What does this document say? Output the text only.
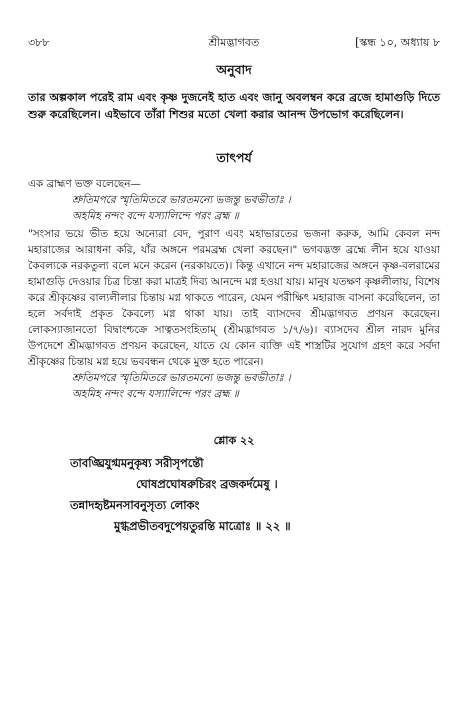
৩৮৮	শ্রীমদ্ভাগবত	[স্কন্ধ ১০, অধ্যায় ৮
অনুবাদ
তার অল্পকাল পরেই রাম এবং কৃষ্ণ দুজনেই হাত এবং জানু অবলম্বন করে ব্রজে হামাগুড়ি দিতে শুরু করেছিলেন। এইভাবে তাঁরা শিশুর মতো খেলা করার আনন্দ উপভোগ করেছিলেন।
তাৎপর্য
এক ব্রাহ্মণ ভক্ত বলেছেন—
শ্রুতিমপরে স্মৃতিমিতরে ভারতমন্যে ভজন্তু ভবভীতাঃ ।
অহমিহ নন্দং বন্দে যস্যালিন্দে পরং ব্রহ্ম ॥
"সংসার ভয়ে ভীত হয়ে অন্যেরা বেদ, পুরাণ এবং মহাভারতের ভজনা করুক, আমি কেবল নন্দ মহারাজের আরাধনা করি, যাঁর অঙ্গনে পরমব্রহ্ম খেলা করছেন।" ভগবদ্ভক্ত ব্রহ্মে লীন হয়ে যাওয়া কৈবল্যকে নরকতুল্য বলে মনে করেন (নরকায়তে)। কিন্তু এখানে নন্দ মহারাজের অঙ্গনে কৃষ্ণ-বলরামের হামাগুড়ি দেওয়ার চিত্র চিন্তা করা মাত্রই দিব্য আনন্দে মগ্ন হওয়া যায়। মানুষ যতক্ষণ কৃষ্ণলীলায়, বিশেষ করে শ্রীকৃষ্ণের বাল্যলীলার চিন্তায় মগ্ন থাকতে পারেন, যেমন পরীক্ষিৎ মহারাজ বাসনা করেছিলেন, তা হলে সর্বদাই প্রকৃত কৈবল্যে মগ্ন থাকা যায়। তাই ব্যাসদেব শ্রীমদ্ভাগবত প্রণয়ন করেছেন। লোকস্যাজানতো বিদ্বাংশ্চক্রে সাত্বতসংহিতাম্ (শ্রীমদ্ভাগবত ১/৭/৬)। ব্যাসদেব শ্রীল নারদ মুনির উপদেশে শ্রীমদ্ভাগবত প্রণয়ন করেছেন, যাতে যে কোন ব্যক্তি এই শাস্ত্রটির সুযোগ গ্রহণ করে সর্বদা শ্রীকৃষ্ণের চিন্তায় মগ্ন হয়ে ভববন্ধন থেকে মুক্ত হতে পারেন।
শ্রুতিমপরে স্মৃতিমিতরে ভারতমন্যে ভজন্তু ভবভীতাঃ ।
অহমিহ নন্দং বন্দে যস্যালিন্দে পরং ব্রহ্ম ॥
শ্লোক ২২
তাবঙ্ঘ্রিযুগ্মমনুকৃষ্য সরীসৃপন্তৌ
ঘোষপ্রঘোষরুচিরং ব্রজকর্দমেষু ।
তন্নাদহৃষ্টমনসাবনুসৃত্য লোকং
মুগ্ধপ্রভীতবদুপেয়তুরন্তি মাত্রোঃ ॥ ২২ ॥
